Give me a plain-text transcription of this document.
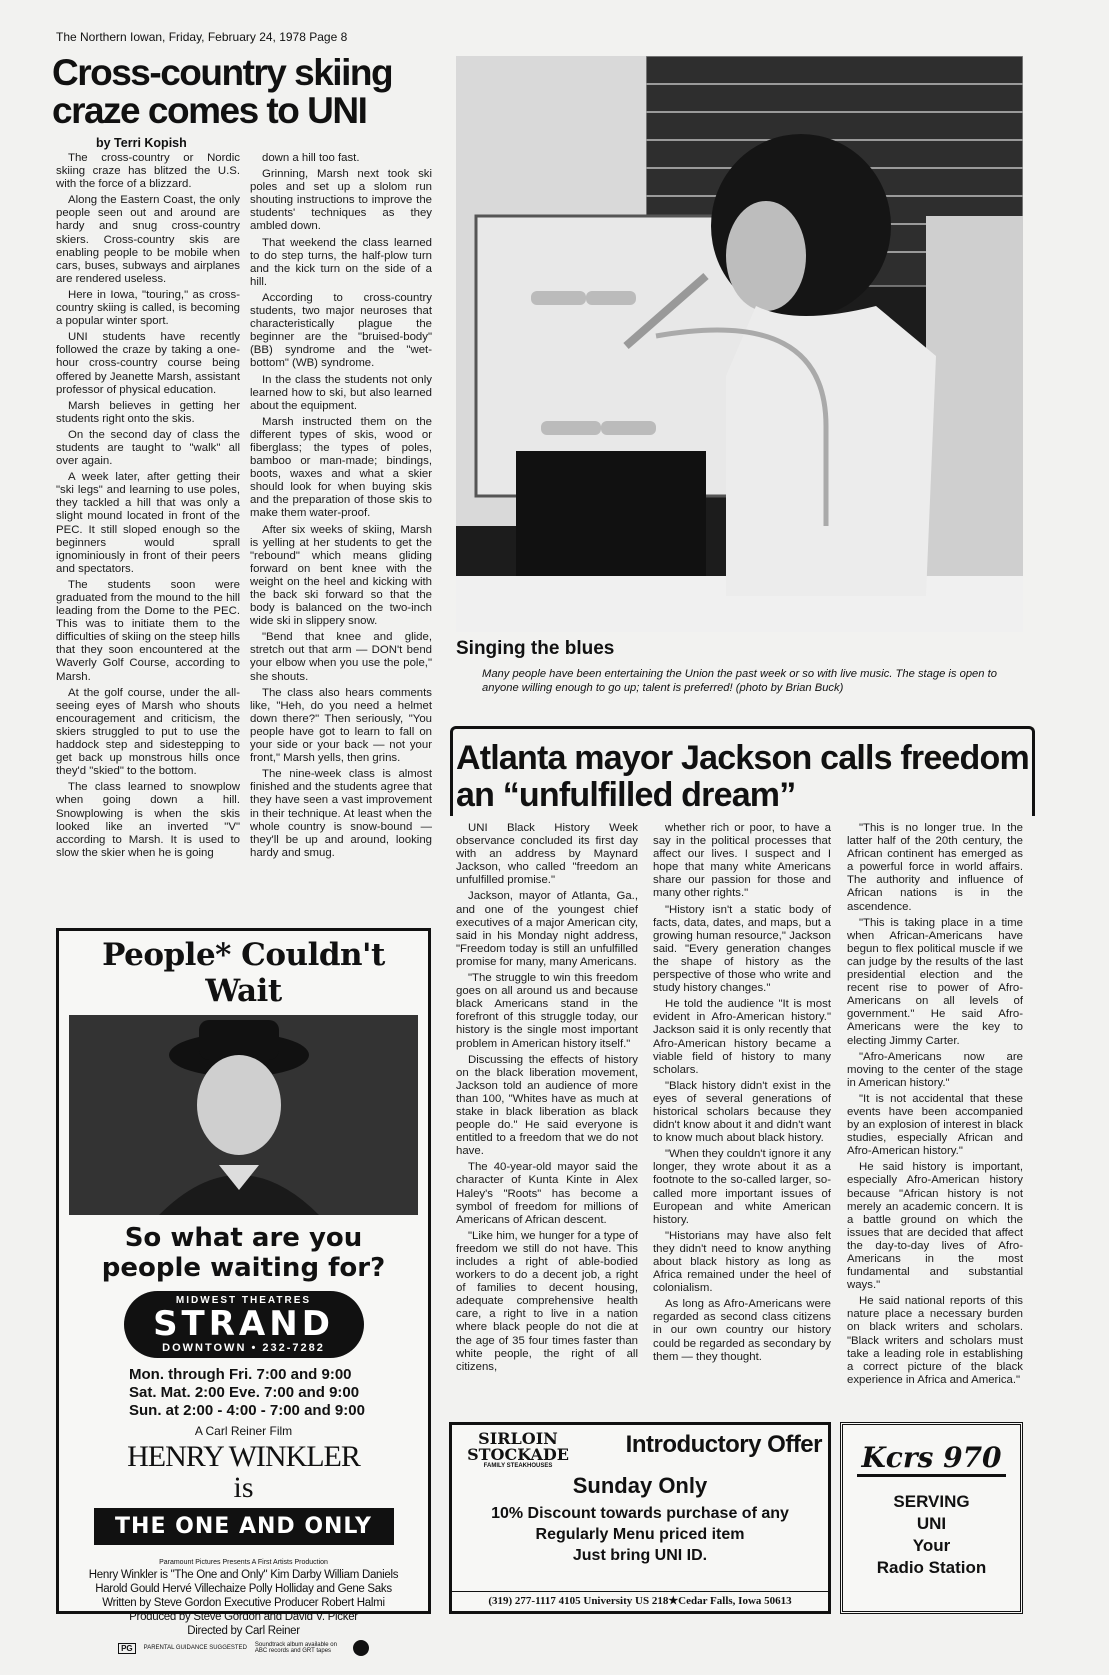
The Northern Iowan, Friday, February 24, 1978 Page 8
Cross-country skiing craze comes to UNI
by Terri Kopish

The cross-country or Nordic skiing craze has blitzed the U.S. with the force of a blizzard.

Along the Eastern Coast, the only people seen out and around are hardy and snug cross-country skiers. Cross-country skis are enabling people to be mobile when cars, buses, subways and airplanes are rendered useless.

Here in Iowa, "touring," as cross-country skiing is called, is becoming a popular winter sport.

UNI students have recently followed the craze by taking a one-hour cross-country course being offered by Jeanette Marsh, assistant professor of physical education.

Marsh believes in getting her students right onto the skis.

On the second day of class the students are taught to "walk" all over again.

A week later, after getting their "ski legs" and learning to use poles, they tackled a hill that was only a slight mound located in front of the PEC. It still sloped enough so the beginners would sprall ignominiously in front of their peers and spectators.

The students soon were graduated from the mound to the hill leading from the Dome to the PEC. This was to initiate them to the difficulties of skiing on the steep hills that they soon encountered at the Waverly Golf Course, according to Marsh.

At the golf course, under the all-seeing eyes of Marsh who shouts encouragement and criticism, the skiers struggled to put to use the haddock step and sidestepping to get back up monstrous hills once they'd "skied" to the bottom.

The class learned to snowplow when going down a hill. Snowplowing is when the skis looked like an inverted "V" according to Marsh. It is used to slow the skier when he is going

down a hill too fast.

Grinning, Marsh next took ski poles and set up a slolom run shouting instructions to improve the students' techniques as they ambled down.

That weekend the class learned to do step turns, the half-plow turn and the kick turn on the side of a hill.

According to cross-country students, two major neuroses that characteristically plague the beginner are the "bruised-body" (BB) syndrome and the "wet-bottom" (WB) syndrome.

In the class the students not only learned how to ski, but also learned about the equipment.

Marsh instructed them on the different types of skis, wood or fiberglass; the types of poles, bamboo or man-made; bindings, boots, waxes and what a skier should look for when buying skis and the preparation of those skis to make them water-proof.

After six weeks of skiing, Marsh is yelling at her students to get the "rebound" which means gliding forward on bent knee with the weight on the heel and kicking with the back ski forward so that the body is balanced on the two-inch wide ski in slippery snow.

"Bend that knee and glide, stretch out that arm — DON't bend your elbow when you use the pole," she shouts.

The class also hears comments like, "Heh, do you need a helmet down there?" Then seriously, "You people have got to learn to fall on your side or your back — not your front," Marsh yells, then grins.

The nine-week class is almost finished and the students agree that they have seen a vast improvement in their technique. At least when the whole country is snow-bound — they'll be up and around, looking hardy and smug.

Singing the blues
Many people have been entertaining the Union the past week or so with live music. The stage is open to anyone willing enough to go up; talent is preferred! (photo by Brian Buck)
Atlanta mayor Jackson calls freedom an “unfulfilled dream”

UNI Black History Week observance concluded its first day with an address by Maynard Jackson, who called "freedom an unfulfilled promise."

Jackson, mayor of Atlanta, Ga., and one of the youngest chief executives of a major American city, said in his Monday night address, "Freedom today is still an unfulfilled promise for many, many Americans.

"The struggle to win this freedom goes on all around us and because black Americans stand in the forefront of this struggle today, our history is the single most important problem in American history itself."

Discussing the effects of history on the black liberation movement, Jackson told an audience of more than 100, "Whites have as much at stake in black liberation as black people do." He said everyone is entitled to a freedom that we do not have.

The 40-year-old mayor said the character of Kunta Kinte in Alex Haley's "Roots" has become a symbol of freedom for millions of Americans of African descent.

"Like him, we hunger for a type of freedom we still do not have. This includes a right of able-bodied workers to do a decent job, a right of families to decent housing, adequate comprehensive health care, a right to live in a nation where black people do not die at the age of 35 four times faster than white people, the right of all citizens,

whether rich or poor, to have a say in the political processes that affect our lives. I suspect and I hope that many white Americans share our passion for those and many other rights."

"History isn't a static body of facts, data, dates, and maps, but a growing human resource," Jackson said. "Every generation changes the shape of history as the perspective of those who write and study history changes."

He told the audience "It is most evident in Afro-American history." Jackson said it is only recently that Afro-American history became a viable field of history to many scholars.

"Black history didn't exist in the eyes of several generations of historical scholars because they didn't know about it and didn't want to know much about black history.

"When they couldn't ignore it any longer, they wrote about it as a footnote to the so-called larger, so-called more important issues of European and white American history.

"Historians may have also felt they didn't need to know anything about black history as long as Africa remained under the heel of colonialism.

As long as Afro-Americans were regarded as second class citizens in our own country our history could be regarded as secondary by them — they thought.

"This is no longer true. In the latter half of the 20th century, the African continent has emerged as a powerful force in world affairs. The authority and influence of African nations is in the ascendence.

"This is taking place in a time when African-Americans have begun to flex political muscle if we can judge by the results of the last presidential election and the recent rise to power of Afro-Americans on all levels of government." He said Afro-Americans were the key to electing Jimmy Carter.

"Afro-Americans now are moving to the center of the stage in American history."

"It is not accidental that these events have been accompanied by an explosion of interest in black studies, especially African and Afro-American history."

He said history is important, especially Afro-American history because "African history is not merely an academic concern. It is a battle ground on which the issues that are decided that affect the day-to-day lives of Afro-Americans in the most fundamental and substantial ways."

He said national reports of this nature place a necessary burden on black writers and scholars. "Black writers and scholars must take a leading role in establishing a correct picture of the black experience in Africa and America."

People* Couldn't Wait
So what are you people waiting for?
MIDWEST THEATRES
STRAND
DOWNTOWN • 232-7282
Mon. through Fri. 7:00 and 9:00
Sat. Mat. 2:00 Eve. 7:00 and 9:00
Sun. at 2:00 - 4:00 - 7:00 and 9:00
A Carl Reiner Film
HENRY WINKLER
is
THE ONE AND ONLY
Paramount Pictures Presents A First Artists Production
Henry Winkler is "The One and Only" Kim Darby William Daniels
Harold Gould Hervé Villechaize Polly Holliday and Gene Saks
Written by Steve Gordon Executive Producer Robert Halmi
Produced by Steve Gordon and David V. Picker
Directed by Carl Reiner
PG	PARENTAL GUIDANCE SUGGESTED Soundtrack album available on ABC records and GRT tapes
SIRLOIN
STOCKADE
FAMILY STEAKHOUSES
Introductory Offer
Sunday Only
10% Discount towards purchase of any
Regularly Menu priced item
Just bring UNI ID.
(319) 277-1117 4105 University US 218★Cedar Falls, Iowa 50613
Kcrs 970
SERVING
UNI
Your
Radio Station
